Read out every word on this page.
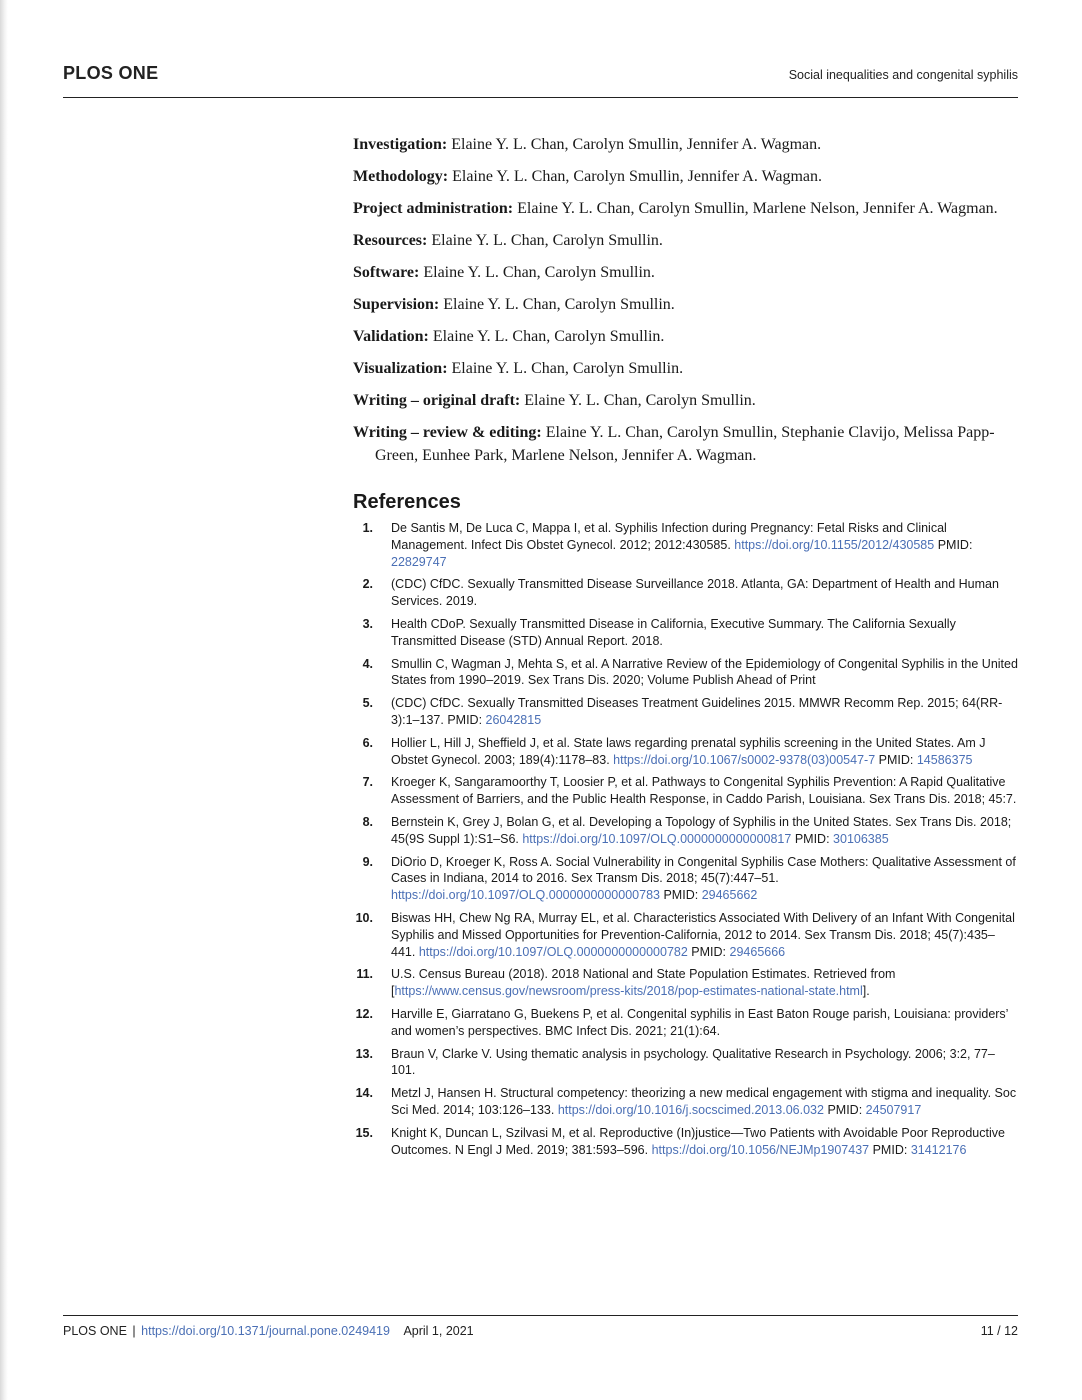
PLOS ONE	Social inequalities and congenital syphilis

Investigation: Elaine Y. L. Chan, Carolyn Smullin, Jennifer A. Wagman.

Methodology: Elaine Y. L. Chan, Carolyn Smullin, Jennifer A. Wagman.

Project administration: Elaine Y. L. Chan, Carolyn Smullin, Marlene Nelson, Jennifer A. Wagman.

Resources: Elaine Y. L. Chan, Carolyn Smullin.

Software: Elaine Y. L. Chan, Carolyn Smullin.

Supervision: Elaine Y. L. Chan, Carolyn Smullin.

Validation: Elaine Y. L. Chan, Carolyn Smullin.

Visualization: Elaine Y. L. Chan, Carolyn Smullin.

Writing – original draft: Elaine Y. L. Chan, Carolyn Smullin.

Writing – review & editing: Elaine Y. L. Chan, Carolyn Smullin, Stephanie Clavijo, Melissa Papp-Green, Eunhee Park, Marlene Nelson, Jennifer A. Wagman.

References
1. De Santis M, De Luca C, Mappa I, et al. Syphilis Infection during Pregnancy: Fetal Risks and Clinical Management. Infect Dis Obstet Gynecol. 2012; 2012:430585. https://doi.org/10.1155/2012/430585 PMID: 22829747
2. (CDC) CfDC. Sexually Transmitted Disease Surveillance 2018. Atlanta, GA: Department of Health and Human Services. 2019.
3. Health CDoP. Sexually Transmitted Disease in California, Executive Summary. The California Sexually Transmitted Disease (STD) Annual Report. 2018.
4. Smullin C, Wagman J, Mehta S, et al. A Narrative Review of the Epidemiology of Congenital Syphilis in the United States from 1990–2019. Sex Trans Dis. 2020; Volume Publish Ahead of Print
5. (CDC) CfDC. Sexually Transmitted Diseases Treatment Guidelines 2015. MMWR Recomm Rep. 2015; 64(RR-3):1–137. PMID: 26042815
6. Hollier L, Hill J, Sheffield J, et al. State laws regarding prenatal syphilis screening in the United States. Am J Obstet Gynecol. 2003; 189(4):1178–83. https://doi.org/10.1067/s0002-9378(03)00547-7 PMID: 14586375
7. Kroeger K, Sangaramoorthy T, Loosier P, et al. Pathways to Congenital Syphilis Prevention: A Rapid Qualitative Assessment of Barriers, and the Public Health Response, in Caddo Parish, Louisiana. Sex Trans Dis. 2018; 45:7.
8. Bernstein K, Grey J, Bolan G, et al. Developing a Topology of Syphilis in the United States. Sex Trans Dis. 2018; 45(9S Suppl 1):S1–S6. https://doi.org/10.1097/OLQ.0000000000000817 PMID: 30106385
9. DiOrio D, Kroeger K, Ross A. Social Vulnerability in Congenital Syphilis Case Mothers: Qualitative Assessment of Cases in Indiana, 2014 to 2016. Sex Transm Dis. 2018; 45(7):447–51. https://doi.org/10.1097/OLQ.0000000000000783 PMID: 29465662
10. Biswas HH, Chew Ng RA, Murray EL, et al. Characteristics Associated With Delivery of an Infant With Congenital Syphilis and Missed Opportunities for Prevention-California, 2012 to 2014. Sex Transm Dis. 2018; 45(7):435–441. https://doi.org/10.1097/OLQ.0000000000000782 PMID: 29465666
11. U.S. Census Bureau (2018). 2018 National and State Population Estimates. Retrieved from [https://www.census.gov/newsroom/press-kits/2018/pop-estimates-national-state.html].
12. Harville E, Giarratano G, Buekens P, et al. Congenital syphilis in East Baton Rouge parish, Louisiana: providers’ and women’s perspectives. BMC Infect Dis. 2021; 21(1):64.
13. Braun V, Clarke V. Using thematic analysis in psychology. Qualitative Research in Psychology. 2006; 3:2, 77–101.
14. Metzl J, Hansen H. Structural competency: theorizing a new medical engagement with stigma and inequality. Soc Sci Med. 2014; 103:126–133. https://doi.org/10.1016/j.socscimed.2013.06.032 PMID: 24507917
15. Knight K, Duncan L, Szilvasi M, et al. Reproductive (In)justice—Two Patients with Avoidable Poor Reproductive Outcomes. N Engl J Med. 2019; 381:593–596. https://doi.org/10.1056/NEJMp1907437 PMID: 31412176
PLOS ONE | https://doi.org/10.1371/journal.pone.0249419 April 1, 2021	11 / 12
